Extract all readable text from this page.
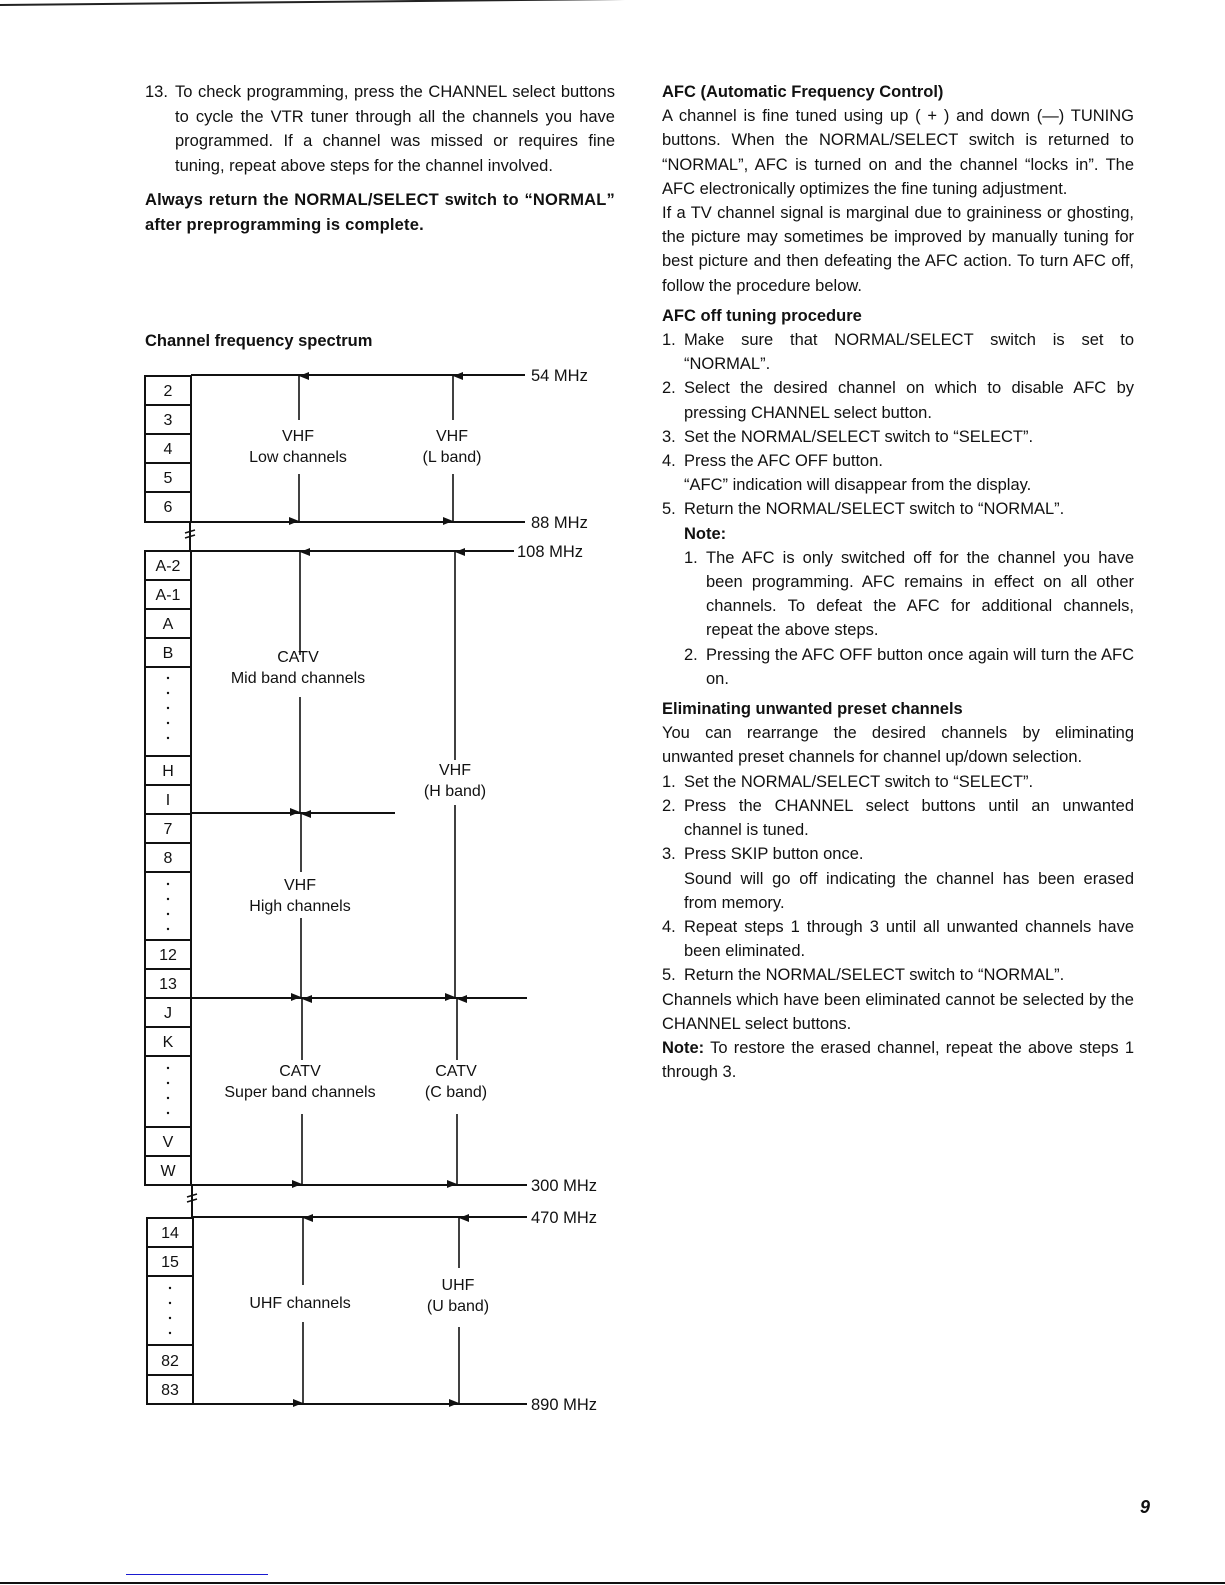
13. To check programming, press the CHANNEL select buttons to cycle the VTR tuner through all the channels you have programmed. If a channel was missed or requires fine tuning, repeat above steps for the channel involved.
Always return the NORMAL/SELECT switch to “NORMAL” after preprogramming is complete.
Channel frequency spectrum
2
3
4
5
6
A-2
A-1
A
B
H
I
7
8
12
13
J
K
V
W
14
15
82
83
VHF
Low channels
VHF
(L band)
CATV
Mid band channels
VHF
(H band)
VHF
High channels
CATV
Super band channels
CATV
(C band)
UHF channels
UHF
(U band)
54 MHz
88 MHz
108 MHz
300 MHz
470 MHz
890 MHz
AFC (Automatic Frequency Control)

A channel is fine tuned using up ( + ) and down (—) TUNING buttons. When the NORMAL/SELECT switch is returned to “NORMAL”, AFC is turned on and the channel “locks in”. The AFC electronically optimizes the fine tuning adjustment.

If a TV channel signal is marginal due to graininess or ghosting, the picture may sometimes be improved by manually tuning for best picture and then defeating the AFC action. To turn AFC off, follow the procedure below.

AFC off tuning procedure
1. Make sure that NORMAL/SELECT switch is set to “NORMAL”.
2. Select the desired channel on which to disable AFC by pressing CHANNEL select button.
3. Set the NORMAL/SELECT switch to “SELECT”.
4. Press the AFC OFF button.
“AFC” indication will disappear from the display.
5. Return the NORMAL/SELECT switch to “NORMAL”.
Note:
1. The AFC is only switched off for the channel you have been programming. AFC remains in effect on all other channels. To defeat the AFC for additional channels, repeat the above steps.
2. Pressing the AFC OFF button once again will turn the AFC on.
Eliminating unwanted preset channels

You can rearrange the desired channels by eliminating unwanted preset channels for channel up/down selection.

1. Set the NORMAL/SELECT switch to “SELECT”.
2. Press the CHANNEL select buttons until an unwanted channel is tuned.
3. Press SKIP button once.
Sound will go off indicating the channel has been erased from memory.
4. Repeat steps 1 through 3 until all unwanted channels have been eliminated.
5. Return the NORMAL/SELECT switch to “NORMAL”.

Channels which have been eliminated cannot be selected by the CHANNEL select buttons.

Note: To restore the erased channel, repeat the above steps 1 through 3.

9
